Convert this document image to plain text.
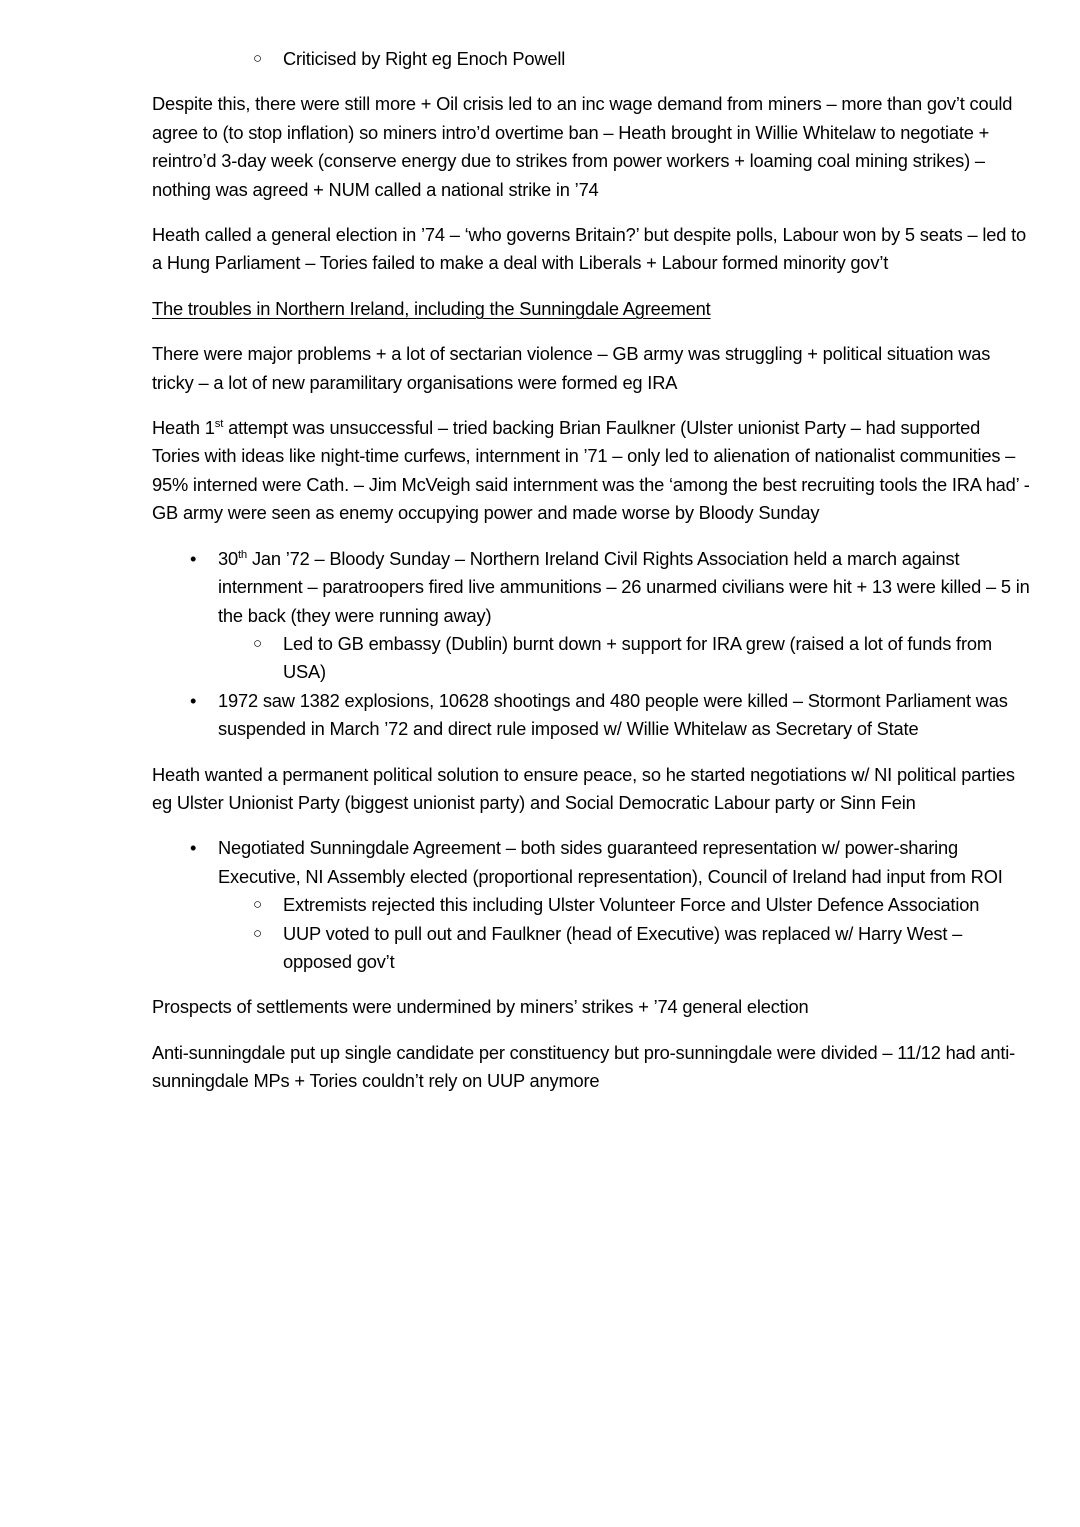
○	Criticised by Right eg Enoch Powell

Despite this, there were still more + Oil crisis led to an inc wage demand from miners – more than gov’t could agree to (to stop inflation) so miners intro’d overtime ban – Heath brought in Willie Whitelaw to negotiate + reintro’d 3-day week (conserve energy due to strikes from power workers + loaming coal mining strikes) – nothing was agreed + NUM called a national strike in ’74

Heath called a general election in ’74 – ‘who governs Britain?’ but despite polls, Labour won by 5 seats – led to a Hung Parliament – Tories failed to make a deal with Liberals + Labour formed minority gov’t

The troubles in Northern Ireland, including the Sunningdale Agreement

There were major problems + a lot of sectarian violence – GB army was struggling + political situation was tricky – a lot of new paramilitary organisations were formed eg IRA

Heath 1st attempt was unsuccessful – tried backing Brian Faulkner (Ulster unionist Party – had supported Tories with ideas like night-time curfews, internment in ’71 – only led to alienation of nationalist communities – 95% interned were Cath. – Jim McVeigh said internment was the ‘among the best recruiting tools the IRA had’ - GB army were seen as enemy occupying power and made worse by Bloody Sunday

•	30th Jan ’72 – Bloody Sunday – Northern Ireland Civil Rights Association held a march against internment – paratroopers fired live ammunitions – 26 unarmed civilians were hit + 13 were killed – 5 in the back (they were running away)
○	Led to GB embassy (Dublin) burnt down + support for IRA grew (raised a lot of funds from USA)
•	1972 saw 1382 explosions, 10628 shootings and 480 people were killed – Stormont Parliament was suspended in March ’72 and direct rule imposed w/ Willie Whitelaw as Secretary of State

Heath wanted a permanent political solution to ensure peace, so he started negotiations w/ NI political parties eg Ulster Unionist Party (biggest unionist party) and Social Democratic Labour party or Sinn Fein

•	Negotiated Sunningdale Agreement – both sides guaranteed representation w/ power-sharing Executive, NI Assembly elected (proportional representation), Council of Ireland had input from ROI
○	Extremists rejected this including Ulster Volunteer Force and Ulster Defence Association
○	UUP voted to pull out and Faulkner (head of Executive) was replaced w/ Harry West – opposed gov’t

Prospects of settlements were undermined by miners’ strikes + ’74 general election

Anti-sunningdale put up single candidate per constituency but pro-sunningdale were divided – 11/12 had anti-sunningdale MPs + Tories couldn’t rely on UUP anymore
